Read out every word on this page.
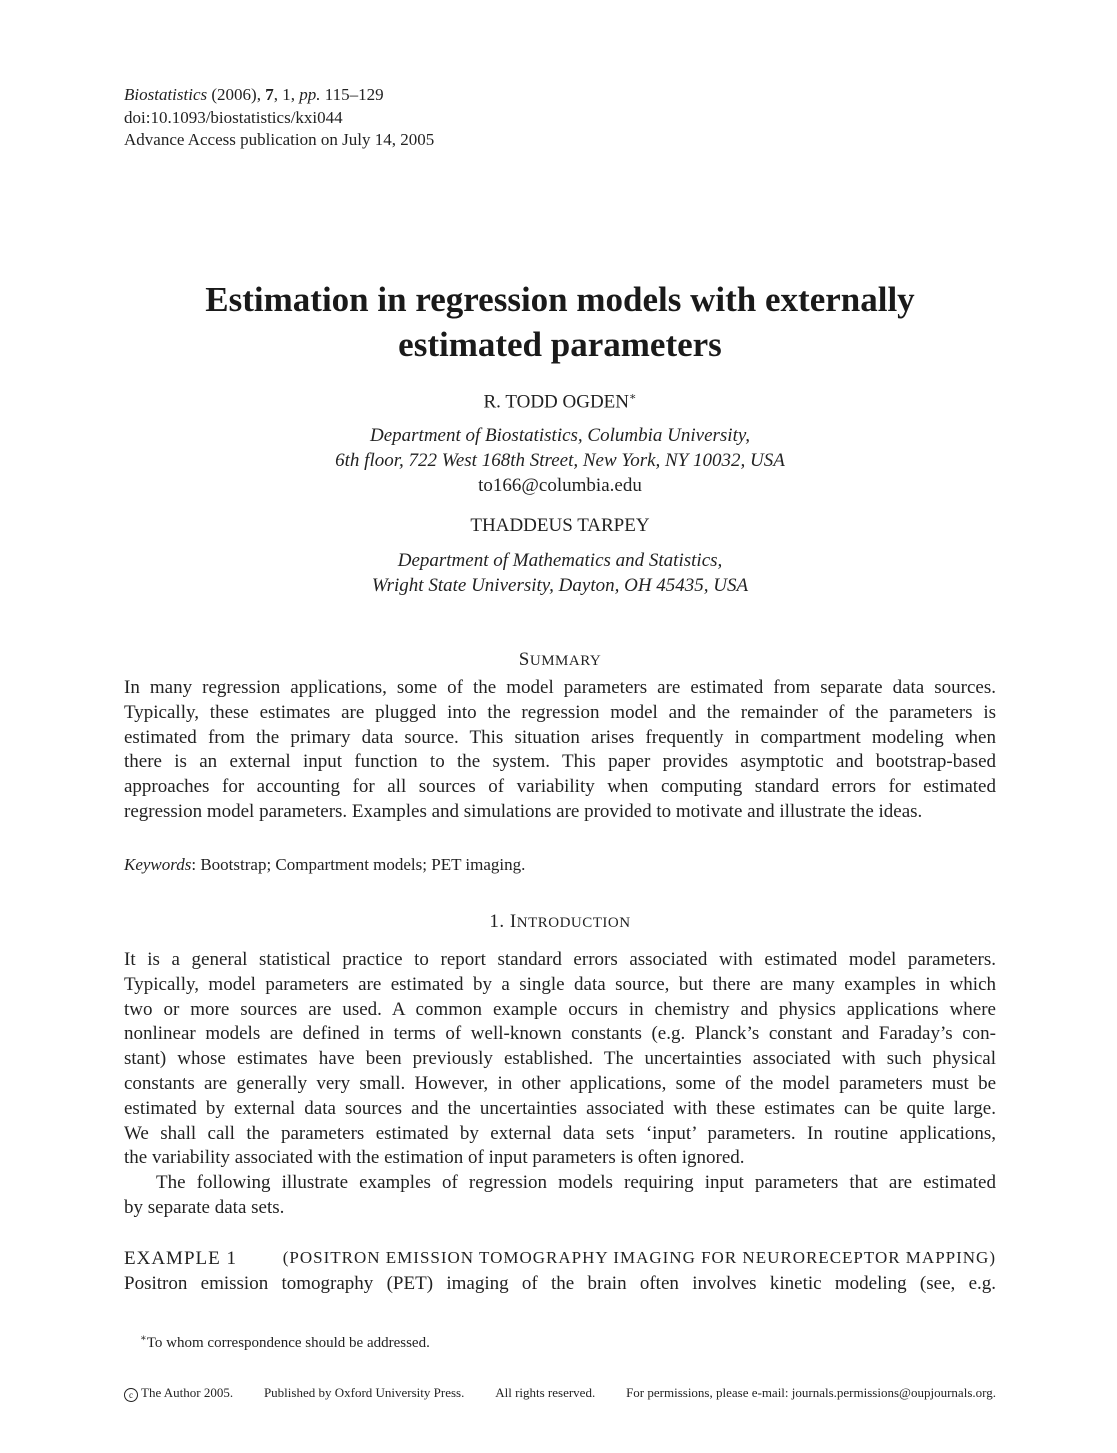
Biostatistics (2006), 7, 1, pp. 115–129
doi:10.1093/biostatistics/kxi044
Advance Access publication on July 14, 2005
Estimation in regression models with externally
estimated parameters
R. TODD OGDEN∗
Department of Biostatistics, Columbia University,
6th floor, 722 West 168th Street, New York, NY 10032, USA
to166@columbia.edu
THADDEUS TARPEY
Department of Mathematics and Statistics,
Wright State University, Dayton, OH 45435, USA
SUMMARY
In many regression applications, some of the model parameters are estimated from separate data sources.
Typically, these estimates are plugged into the regression model and the remainder of the parameters is
estimated from the primary data source. This situation arises frequently in compartment modeling when
there is an external input function to the system. This paper provides asymptotic and bootstrap-based
approaches for accounting for all sources of variability when computing standard errors for estimated
regression model parameters. Examples and simulations are provided to motivate and illustrate the ideas.
Keywords: Bootstrap; Compartment models; PET imaging.
1. INTRODUCTION
It is a general statistical practice to report standard errors associated with estimated model parameters.
Typically, model parameters are estimated by a single data source, but there are many examples in which
two or more sources are used. A common example occurs in chemistry and physics applications where
nonlinear models are defined in terms of well-known constants (e.g. Planck’s constant and Faraday’s con-
stant) whose estimates have been previously established. The uncertainties associated with such physical
constants are generally very small. However, in other applications, some of the model parameters must be
estimated by external data sources and the uncertainties associated with these estimates can be quite large.
We shall call the parameters estimated by external data sets ‘input’ parameters. In routine applications,
the variability associated with the estimation of input parameters is often ignored.
The following illustrate examples of regression models requiring input parameters that are estimated
by separate data sets.
EXAMPLE 1	(POSITRON EMISSION TOMOGRAPHY IMAGING FOR NEURORECEPTOR MAPPING)
Positron emission tomography (PET) imaging of the brain often involves kinetic modeling (see, e.g.
∗To whom correspondence should be addressed.
c The Author 2005. Published by Oxford University Press. All rights reserved. For permissions, please e-mail: journals.permissions@oupjournals.org.
